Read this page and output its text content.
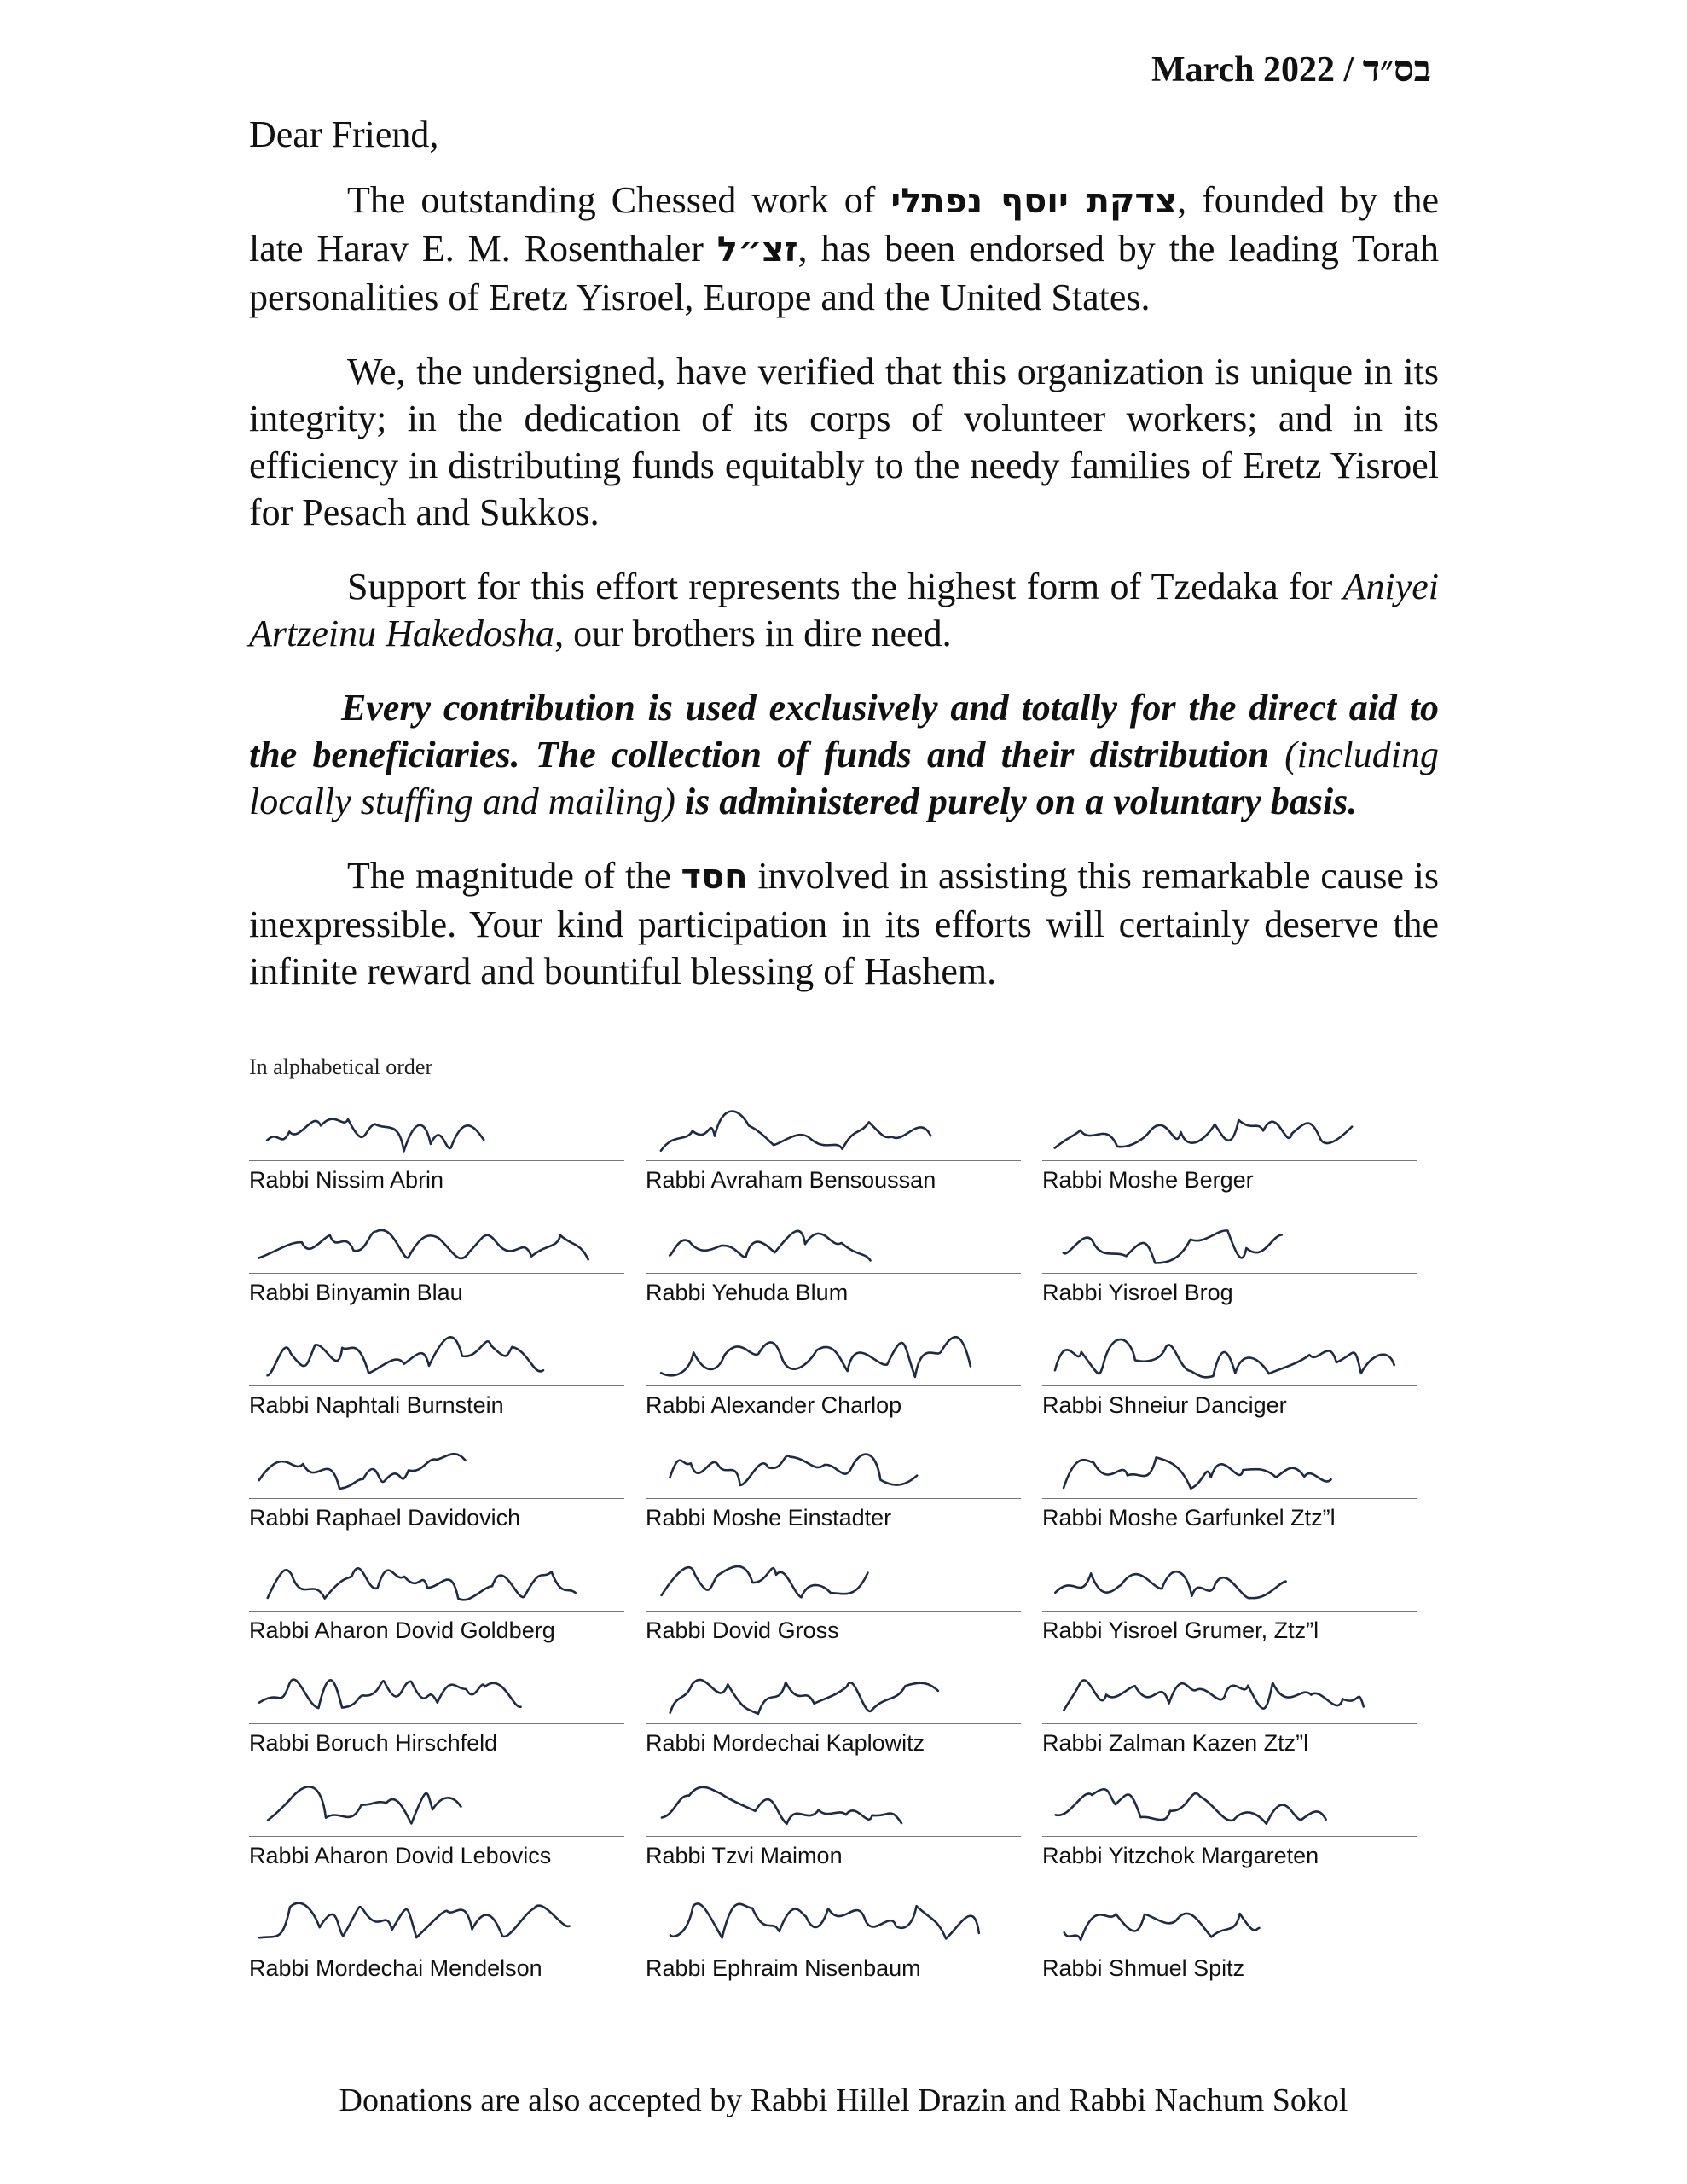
March 2022 / בס״ד

Dear Friend,

The outstanding Chessed work of צדקת יוסף נפתלי, founded by the late Harav E. M. Rosenthaler זצ״ל, has been endorsed by the leading Torah personalities of Eretz Yisroel, Europe and the United States.

We, the undersigned, have verified that this organization is unique in its integrity; in the dedication of its corps of volunteer workers; and in its efficiency in distributing funds equitably to the needy families of Eretz Yisroel for Pesach and Sukkos.

Support for this effort represents the highest form of Tzedaka for Aniyei Artzeinu Hakedosha, our brothers in dire need.

Every contribution is used exclusively and totally for the direct aid to the beneficiaries. The collection of funds and their distribution (including locally stuffing and mailing) is administered purely on a voluntary basis.

The magnitude of the חסד involved in assisting this remarkable cause is inexpressible. Your kind participation in its efforts will certainly deserve the infinite reward and bountiful blessing of Hashem.

In alphabetical order
Rabbi Nissim Abrin	Rabbi Avraham Bensoussan	Rabbi Moshe Berger
Rabbi Binyamin Blau	Rabbi Yehuda Blum	Rabbi Yisroel Brog
Rabbi Naphtali Burnstein	Rabbi Alexander Charlop	Rabbi Shneiur Danciger
Rabbi Raphael Davidovich	Rabbi Moshe Einstadter	Rabbi Moshe Garfunkel Ztz”l
Rabbi Aharon Dovid Goldberg	Rabbi Dovid Gross	Rabbi Yisroel Grumer, Ztz”l
Rabbi Boruch Hirschfeld	Rabbi Mordechai Kaplowitz	Rabbi Zalman Kazen Ztz”l
Rabbi Aharon Dovid Lebovics	Rabbi Tzvi Maimon	Rabbi Yitzchok Margareten
Rabbi Mordechai Mendelson	Rabbi Ephraim Nisenbaum	Rabbi Shmuel Spitz
Donations are also accepted by Rabbi Hillel Drazin and Rabbi Nachum Sokol
